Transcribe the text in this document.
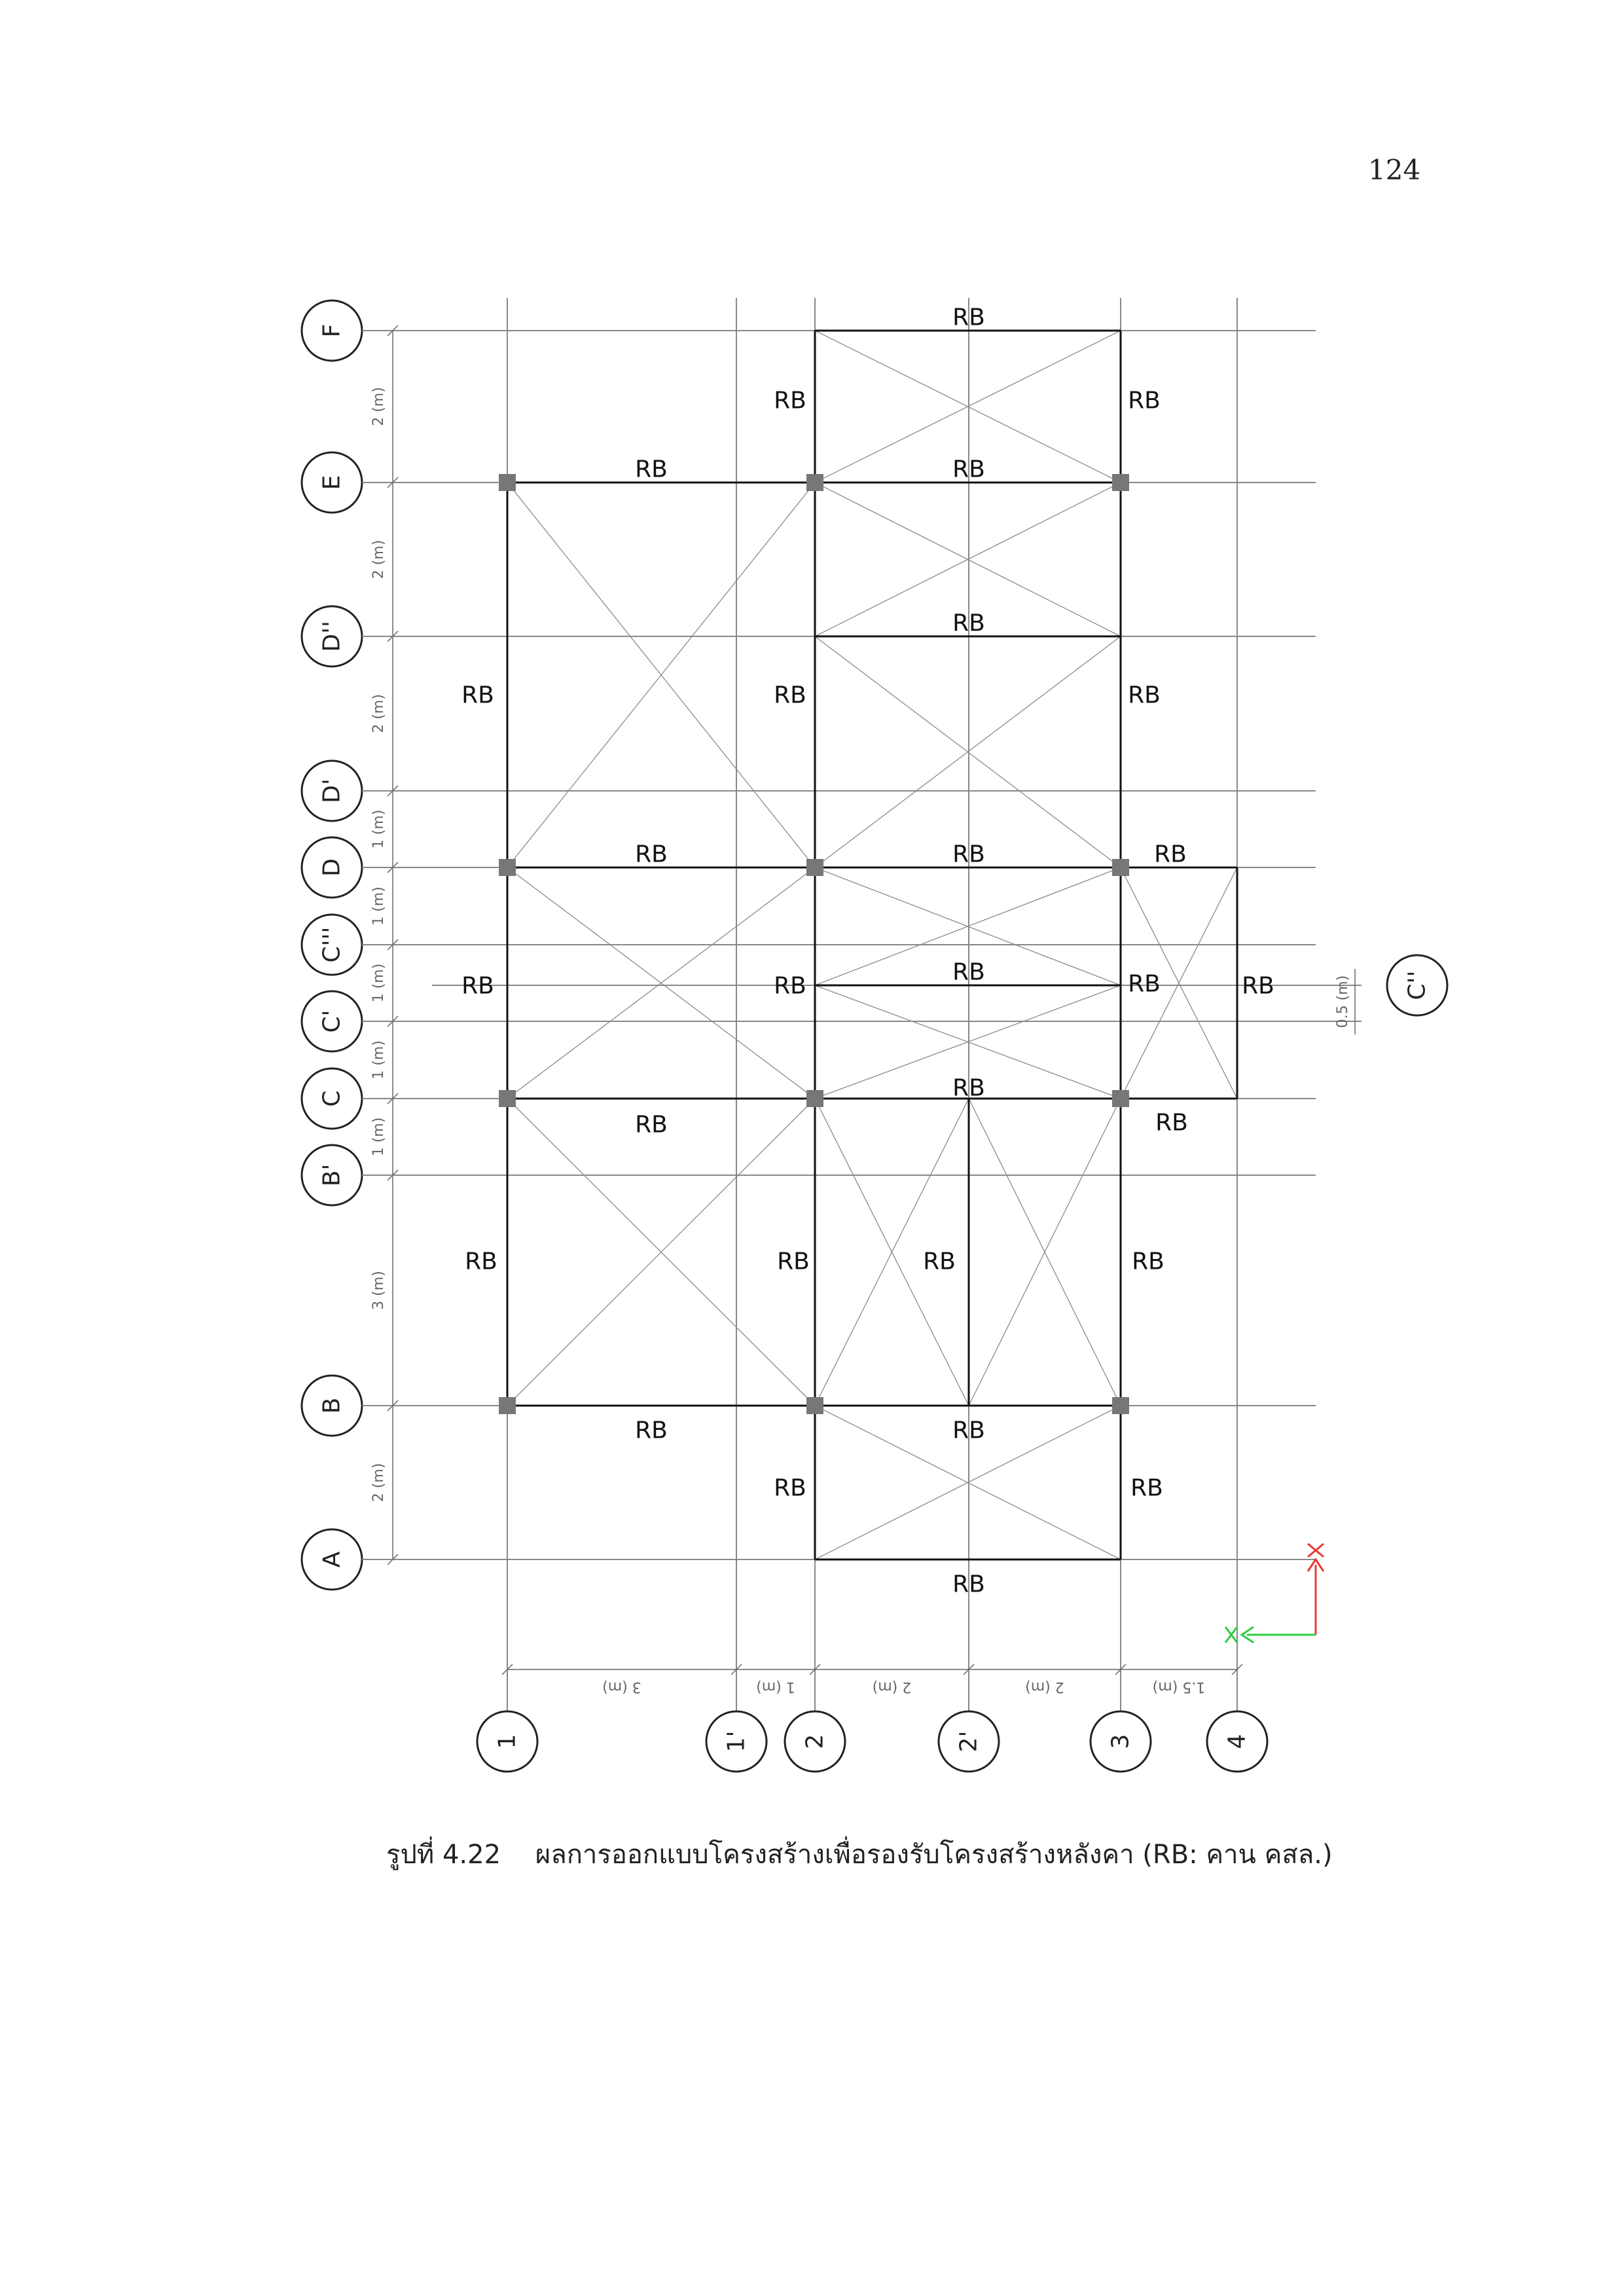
124
F
E
D''
D'
D
C'''
C'
C
B'
B
A
C''
1	1' 2	2'	3	4
RB
RB	RB
RB	RB
RB
RB	RB	RB
RB	RB	RB
RB
RB	RB	RB	RB
RB
RB	RB
RB	RB	RB	RB
RB	RB
RB	RB
RB
2 (m)
2 (m)
2 (m)
1 (m)
1 (m)
1 (m)
1 (m)
1 (m)
3 (m)
2 (m)
0.5 (m)
3 (m)	1 (m)	2 (m)	2 (m)	1.5 (m)
รูปที่ 4.22 ผลการออกแบบโครงสร้างเพื่อรองรับโครงสร้างหลังคา (RB: คาน คสล.)
